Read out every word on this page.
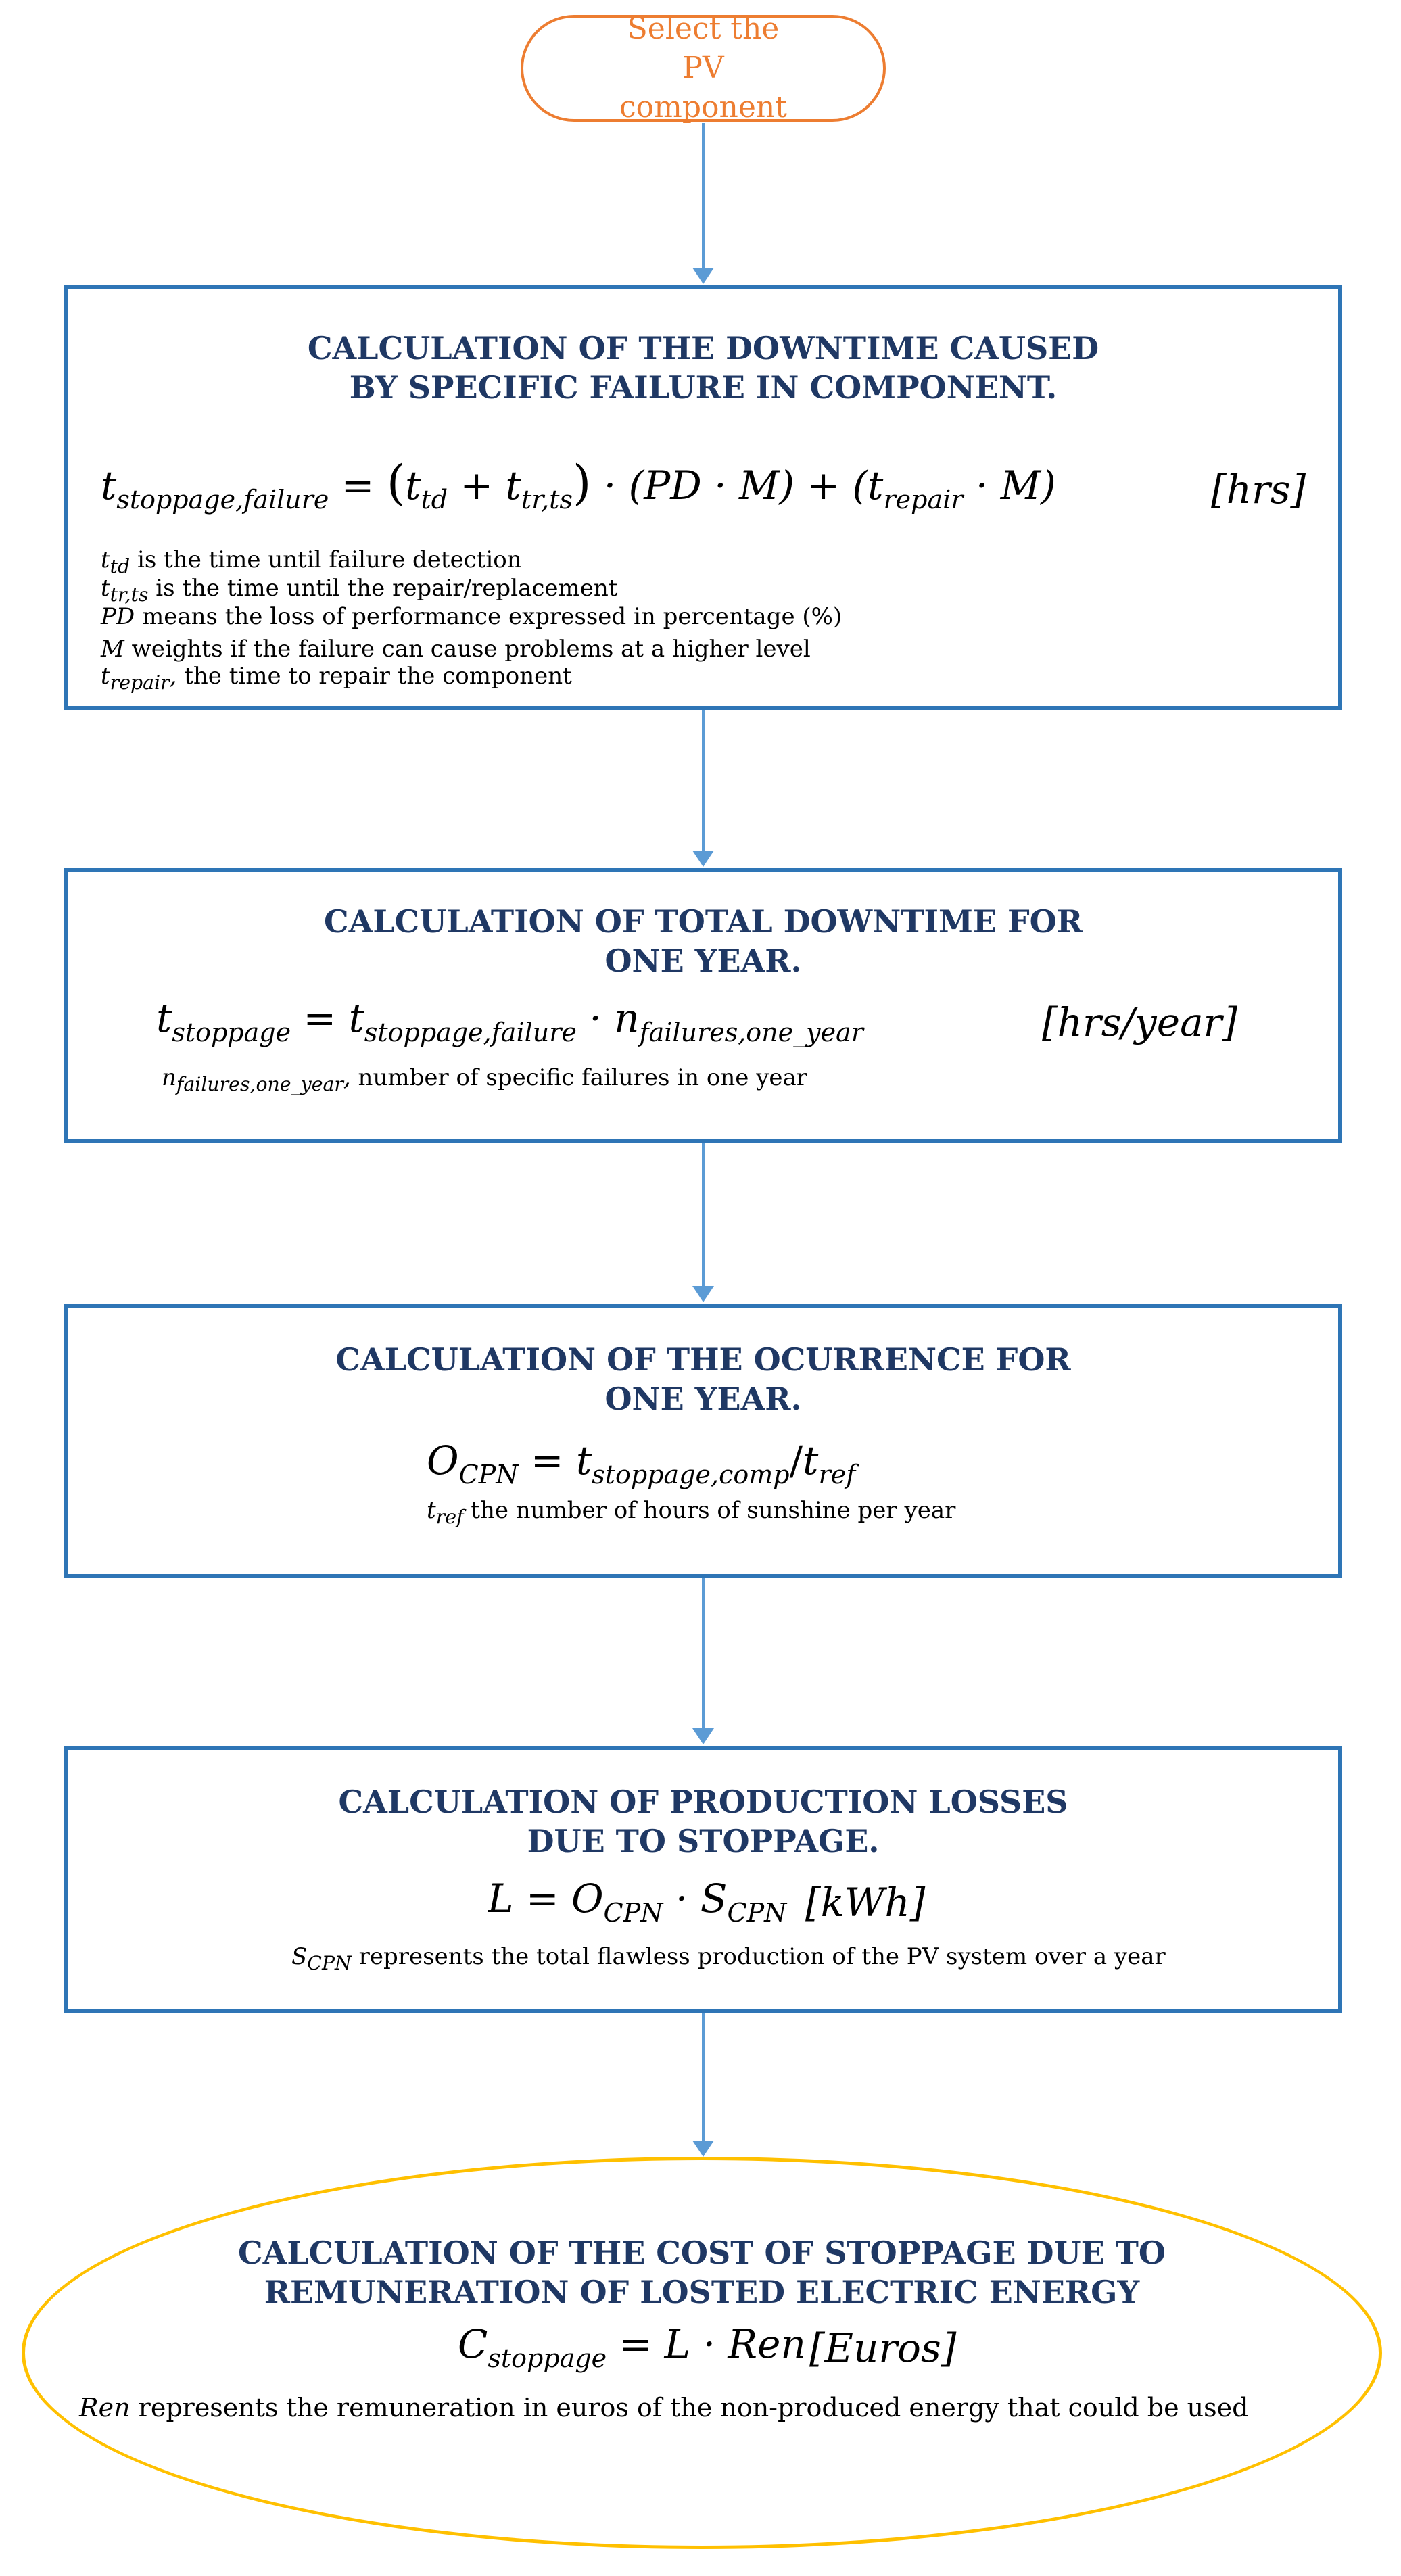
Select the PV component
CALCULATION OF THE DOWNTIME CAUSED
BY SPECIFIC FAILURE IN COMPONENT.
$t_{stoppage,failure} = (t_{td} + t_{tr,ts}) \cdot (PD \cdot M) + (t_{repair} \cdot M)$	[hrs]
$t_{td}$ is the time until failure detection
$t_{tr,ts}$ is the time until the repair/replacement
PD means the loss of performance expressed in percentage (%)
M weights if the failure can cause problems at a higher level
$t_{repair}$, the time to repair the component
CALCULATION OF TOTAL DOWNTIME FOR
ONE YEAR.
$t_{stoppage} = t_{stoppage,failure} \cdot n_{failures,one\_year}$	[hrs/year]
$n_{failures,one\_year}$, number of specific failures in one year
CALCULATION OF THE OCURRENCE FOR
ONE YEAR.
$O_{CPN} = t_{stoppage,comp}/t_{ref}$
$t_{ref}$ the number of hours of sunshine per year
CALCULATION OF PRODUCTION LOSSES
DUE TO STOPPAGE.
$L = O_{CPN} \cdot S_{CPN}$ [kWh]
$S_{CPN}$ represents the total flawless production of the PV system over a year
CALCULATION OF THE COST OF STOPPAGE DUE TO
REMUNERATION OF LOSTED ELECTRIC ENERGY
$C_{stoppage} = L$ · Ren [Euros]
Ren represents the remuneration in euros of the non-produced energy that could be used
